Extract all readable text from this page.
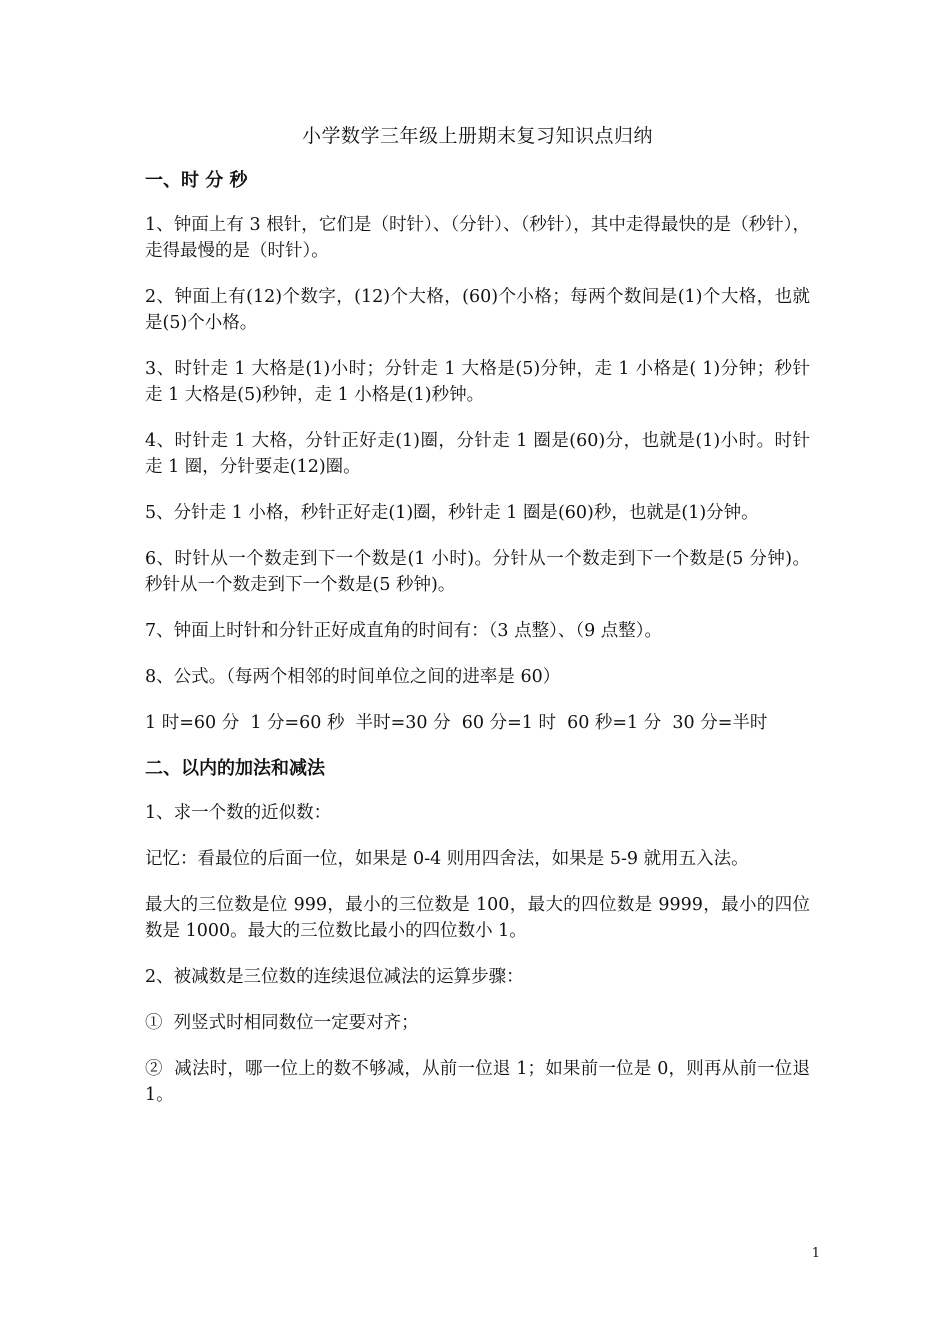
小学数学三年级上册期末复习知识点归纳
一、时 分 秒
1、钟面上有 3 根针，它们是（时针）、（分针）、（秒针），其中走得最快的是（秒针），走得最慢的是（时针）。
2、钟面上有(12)个数字，(12)个大格，(60)个小格；每两个数间是(1)个大格，也就是(5)个小格。
3、时针走 1 大格是(1)小时；分针走 1 大格是(5)分钟，走 1 小格是( 1)分钟；秒针走 1 大格是(5)秒钟，走 1 小格是(1)秒钟。
4、时针走 1 大格，分针正好走(1)圈，分针走 1 圈是(60)分，也就是(1)小时。时针走 1 圈，分针要走(12)圈。
5、分针走 1 小格，秒针正好走(1)圈，秒针走 1 圈是(60)秒，也就是(1)分钟。
6、时针从一个数走到下一个数是(1 小时)。分针从一个数走到下一个数是(5 分钟)。秒针从一个数走到下一个数是(5 秒钟)。
7、钟面上时针和分针正好成直角的时间有：（3 点整）、（9 点整）。
8、公式。（每两个相邻的时间单位之间的进率是 60）
1 时=60 分  1 分=60 秒  半时=30 分  60 分=1 时  60 秒=1 分  30 分=半时
二、以内的加法和减法
1、求一个数的近似数：
记忆：看最位的后面一位，如果是 0-4 则用四舍法，如果是 5-9 就用五入法。
最大的三位数是位 999，最小的三位数是 100，最大的四位数是 9999，最小的四位数是 1000。最大的三位数比最小的四位数小 1。
2、被减数是三位数的连续退位减法的运算步骤：
①  列竖式时相同数位一定要对齐；
②  减法时，哪一位上的数不够减，从前一位退 1；如果前一位是 0，则再从前一位退 1。
1
